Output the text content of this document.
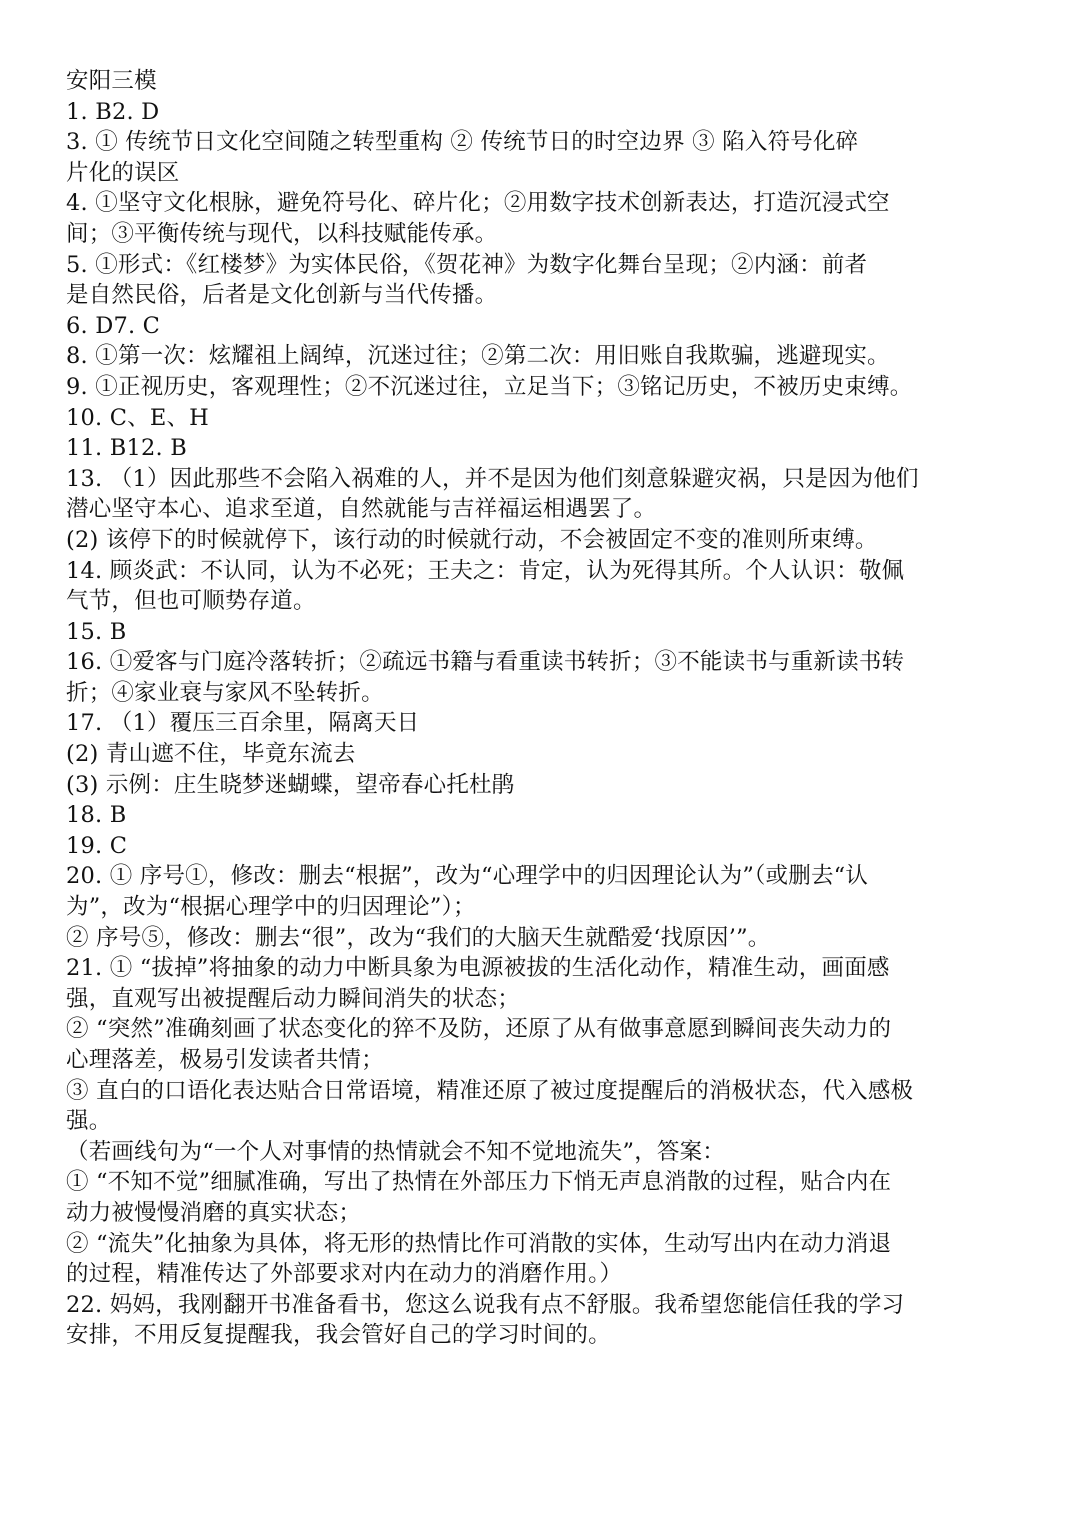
安阳三模
1. B2. D
3. ① 传统节日文化空间随之转型重构 ② 传统节日的时空边界 ③ 陷入符号化碎
片化的误区
4. ①坚守文化根脉，避免符号化、碎片化；②用数字技术创新表达，打造沉浸式空
间；③平衡传统与现代，以科技赋能传承。
5. ①形式：《红楼梦》为实体民俗，《贺花神》为数字化舞台呈现；②内涵：前者
是自然民俗，后者是文化创新与当代传播。
6. D7. C
8. ①第一次：炫耀祖上阔绰，沉迷过往；②第二次：用旧账自我欺骗，逃避现实。
9. ①正视历史，客观理性；②不沉迷过往，立足当下；③铭记历史，不被历史束缚。
10. C、E、H
11. B12. B
13. （1）因此那些不会陷入祸难的人，并不是因为他们刻意躲避灾祸，只是因为他们
潜心坚守本心、追求至道，自然就能与吉祥福运相遇罢了。
(2) 该停下的时候就停下，该行动的时候就行动，不会被固定不变的准则所束缚。
14. 顾炎武：不认同，认为不必死；王夫之：肯定，认为死得其所。个人认识：敬佩
气节，但也可顺势存道。
15. B
16. ①爱客与门庭冷落转折；②疏远书籍与看重读书转折；③不能读书与重新读书转
折；④家业衰与家风不坠转折。
17. （1）覆压三百余里，隔离天日
(2) 青山遮不住，毕竟东流去
(3) 示例：庄生晓梦迷蝴蝶，望帝春心托杜鹃
18. B
19. C
20. ① 序号①，修改：删去“根据”，改为“心理学中的归因理论认为”（或删去“认
为”，改为“根据心理学中的归因理论”）；
② 序号⑤，修改：删去“很”，改为“我们的大脑天生就酷爱‘找原因’”。
21. ① “拔掉”将抽象的动力中断具象为电源被拔的生活化动作，精准生动，画面感
强，直观写出被提醒后动力瞬间消失的状态；
② “突然”准确刻画了状态变化的猝不及防，还原了从有做事意愿到瞬间丧失动力的
心理落差，极易引发读者共情；
③ 直白的口语化表达贴合日常语境，精准还原了被过度提醒后的消极状态，代入感极
强。
（若画线句为“一个人对事情的热情就会不知不觉地流失”，答案：
① “不知不觉”细腻准确，写出了热情在外部压力下悄无声息消散的过程，贴合内在
动力被慢慢消磨的真实状态；
② “流失”化抽象为具体，将无形的热情比作可消散的实体，生动写出内在动力消退
的过程，精准传达了外部要求对内在动力的消磨作用。）
22. 妈妈，我刚翻开书准备看书，您这么说我有点不舒服。我希望您能信任我的学习
安排，不用反复提醒我，我会管好自己的学习时间的。
